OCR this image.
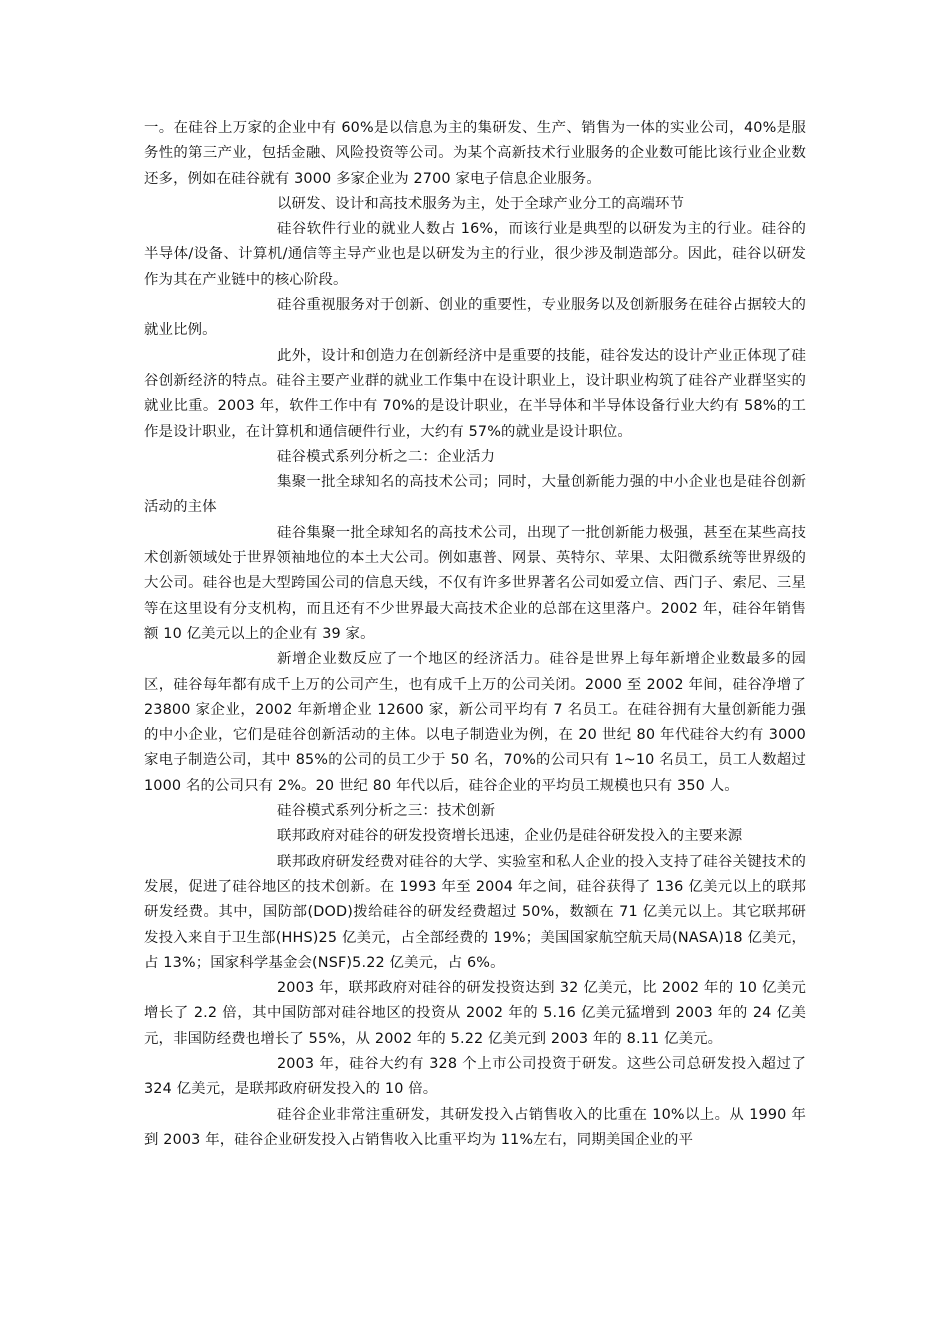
一。在硅谷上万家的企业中有 60%是以信息为主的集研发、生产、销售为一体的实业公司，40%是服务性的第三产业，包括金融、风险投资等公司。为某个高新技术行业服务的企业数可能比该行业企业数还多，例如在硅谷就有 3000 多家企业为 2700 家电子信息企业服务。

以研发、设计和高技术服务为主，处于全球产业分工的高端环节

硅谷软件行业的就业人数占 16%，而该行业是典型的以研发为主的行业。硅谷的半导体/设备、计算机/通信等主导产业也是以研发为主的行业，很少涉及制造部分。因此，硅谷以研发作为其在产业链中的核心阶段。

硅谷重视服务对于创新、创业的重要性，专业服务以及创新服务在硅谷占据较大的就业比例。

此外，设计和创造力在创新经济中是重要的技能，硅谷发达的设计产业正体现了硅谷创新经济的特点。硅谷主要产业群的就业工作集中在设计职业上，设计职业构筑了硅谷产业群坚实的就业比重。2003 年，软件工作中有 70%的是设计职业，在半导体和半导体设备行业大约有 58%的工作是设计职业，在计算机和通信硬件行业，大约有 57%的就业是设计职位。

硅谷模式系列分析之二：企业活力

集聚一批全球知名的高技术公司；同时，大量创新能力强的中小企业也是硅谷创新活动的主体

硅谷集聚一批全球知名的高技术公司，出现了一批创新能力极强，甚至在某些高技术创新领域处于世界领袖地位的本土大公司。例如惠普、网景、英特尔、苹果、太阳微系统等世界级的大公司。硅谷也是大型跨国公司的信息天线，不仅有许多世界著名公司如爱立信、西门子、索尼、三星等在这里设有分支机构，而且还有不少世界最大高技术企业的总部在这里落户。2002 年，硅谷年销售额 10 亿美元以上的企业有 39 家。

新增企业数反应了一个地区的经济活力。硅谷是世界上每年新增企业数最多的园区，硅谷每年都有成千上万的公司产生，也有成千上万的公司关闭。2000 至 2002 年间，硅谷净增了 23800 家企业，2002 年新增企业 12600 家，新公司平均有 7 名员工。在硅谷拥有大量创新能力强的中小企业，它们是硅谷创新活动的主体。以电子制造业为例，在 20 世纪 80 年代硅谷大约有 3000 家电子制造公司，其中 85%的公司的员工少于 50 名，70%的公司只有 1~10 名员工，员工人数超过 1000 名的公司只有 2%。20 世纪 80 年代以后，硅谷企业的平均员工规模也只有 350 人。

硅谷模式系列分析之三：技术创新

联邦政府对硅谷的研发投资增长迅速，企业仍是硅谷研发投入的主要来源

联邦政府研发经费对硅谷的大学、实验室和私人企业的投入支持了硅谷关键技术的发展，促进了硅谷地区的技术创新。在 1993 年至 2004 年之间，硅谷获得了 136 亿美元以上的联邦研发经费。其中，国防部(DOD)拨给硅谷的研发经费超过 50%，数额在 71 亿美元以上。其它联邦研发投入来自于卫生部(HHS)25 亿美元，占全部经费的 19%；美国国家航空航天局(NASA)18 亿美元，占 13%；国家科学基金会(NSF)5.22 亿美元，占 6%。

2003 年，联邦政府对硅谷的研发投资达到 32 亿美元，比 2002 年的 10 亿美元增长了 2.2 倍，其中国防部对硅谷地区的投资从 2002 年的 5.16 亿美元猛增到 2003 年的 24 亿美元，非国防经费也增长了 55%，从 2002 年的 5.22 亿美元到 2003 年的 8.11 亿美元。

2003 年，硅谷大约有 328 个上市公司投资于研发。这些公司总研发投入超过了 324 亿美元，是联邦政府研发投入的 10 倍。

硅谷企业非常注重研发，其研发投入占销售收入的比重在 10%以上。从 1990 年到 2003 年，硅谷企业研发投入占销售收入比重平均为 11%左右，同期美国企业的平
